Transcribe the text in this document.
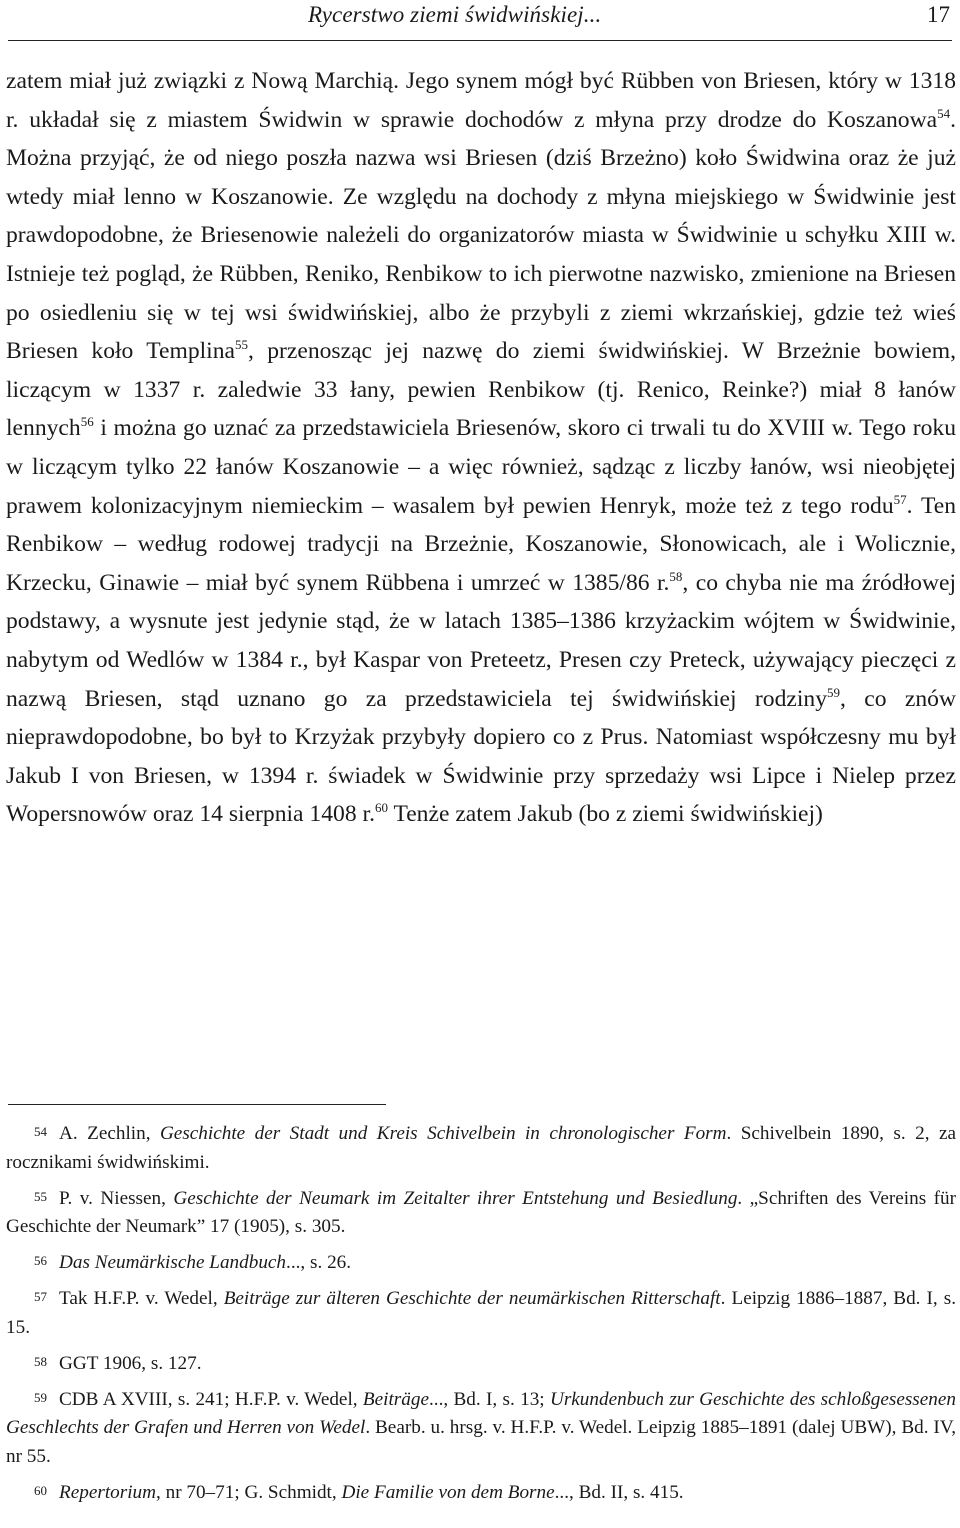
Rycerstwo ziemi świdwińskiej...	17

zatem miał już związki z Nową Marchią. Jego synem mógł być Rübben von Briesen, który w 1318 r. układał się z miastem Świdwin w sprawie dochodów z młyna przy drodze do Koszanowa$^{54}$. Można przyjąć, że od niego poszła nazwa wsi Briesen (dziś Brzeżno) koło Świdwina oraz że już wtedy miał lenno w Koszanowie. Ze względu na dochody z młyna miejskiego w Świdwinie jest prawdopodobne, że Briesenowie należeli do organizatorów miasta w Świdwinie u schyłku XIII w. Istnieje też pogląd, że Rübben, Reniko, Renbikow to ich pierwotne nazwisko, zmienione na Briesen po osiedleniu się w tej wsi świdwińskiej, albo że przybyli z ziemi wkrzańskiej, gdzie też wieś Briesen koło Templina$^{55}$, przenosząc jej nazwę do ziemi świdwińskiej. W Brzeżnie bowiem, liczącym w 1337 r. zaledwie 33 łany, pewien Renbikow (tj. Renico, Reinke?) miał 8 łanów lennych$^{56}$ i można go uznać za przedstawiciela Briesenów, skoro ci trwali tu do XVIII w. Tego roku w liczącym tylko 22 łanów Koszanowie – a więc również, sądząc z liczby łanów, wsi nieobjętej prawem kolonizacyjnym niemieckim – wasalem był pewien Henryk, może też z tego rodu$^{57}$. Ten Renbikow – według rodowej tradycji na Brzeżnie, Koszanowie, Słonowicach, ale i Wolicznie, Krzecku, Ginawie – miał być synem Rübbena i umrzeć w 1385/86 r.$^{58}$, co chyba nie ma źródłowej podstawy, a wysnute jest jedynie stąd, że w latach 1385–1386 krzyżackim wójtem w Świdwinie, nabytym od Wedlów w 1384 r., był Kaspar von Preteetz, Presen czy Preteck, używający pieczęci z nazwą Briesen, stąd uznano go za przedstawiciela tej świdwińskiej rodziny$^{59}$, co znów nieprawdopodobne, bo był to Krzyżak przybyły dopiero co z Prus. Natomiast współczesny mu był Jakub I von Briesen, w 1394 r. świadek w Świdwinie przy sprzedaży wsi Lipce i Nielep przez Wopersnowów oraz 14 sierpnia 1408 r.$^{60}$ Tenże zatem Jakub (bo z ziemi świdwińskiej)

54 A. Zechlin, Geschichte der Stadt und Kreis Schivelbein in chronologischer Form. Schivelbein 1890, s. 2, za rocznikami świdwińskimi.

55 P. v. Niessen, Geschichte der Neumark im Zeitalter ihrer Entstehung und Besiedlung. „Schriften des Vereins für Geschichte der Neumark” 17 (1905), s. 305.

56 Das Neumärkische Landbuch..., s. 26.

57 Tak H.F.P. v. Wedel, Beiträge zur älteren Geschichte der neumärkischen Ritterschaft. Leipzig 1886–1887, Bd. I, s. 15.

58 GGT 1906, s. 127.

59 CDB A XVIII, s. 241; H.F.P. v. Wedel, Beiträge..., Bd. I, s. 13; Urkundenbuch zur Geschichte des schloßgesessenen Geschlechts der Grafen und Herren von Wedel. Bearb. u. hrsg. v. H.F.P. v. Wedel. Leipzig 1885–1891 (dalej UBW), Bd. IV, nr 55.

60 Repertorium, nr 70–71; G. Schmidt, Die Familie von dem Borne..., Bd. II, s. 415.
